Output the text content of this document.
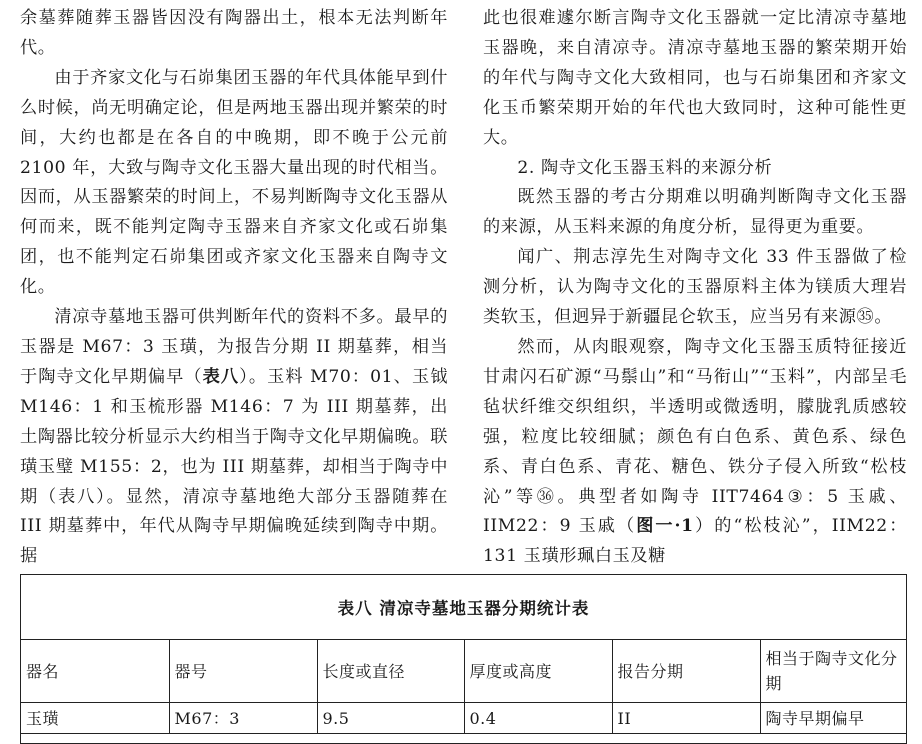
余墓葬随葬玉器皆因没有陶器出土，根本无法判断年代。

由于齐家文化与石峁集团玉器的年代具体能早到什么时候，尚无明确定论，但是两地玉器出现并繁荣的时间，大约也都是在各自的中晚期，即不晚于公元前 2100 年，大致与陶寺文化玉器大量出现的时代相当。因而，从玉器繁荣的时间上，不易判断陶寺文化玉器从何而来，既不能判定陶寺玉器来自齐家文化或石峁集团，也不能判定石峁集团或齐家文化玉器来自陶寺文化。

清凉寺墓地玉器可供判断年代的资料不多。最早的玉器是 M67：3 玉璜，为报告分期 II 期墓葬，相当于陶寺文化早期偏早（表八）。玉料 M70：01、玉钺 M146：1 和玉梳形器 M146：7 为 III 期墓葬，出土陶器比较分析显示大约相当于陶寺文化早期偏晚。联璜玉璧 M155：2，也为 III 期墓葬，却相当于陶寺中期（表八）。显然，清凉寺墓地绝大部分玉器随葬在 III 期墓葬中，年代从陶寺早期偏晚延续到陶寺中期。据

此也很难遽尔断言陶寺文化玉器就一定比清凉寺墓地玉器晚，来自清凉寺。清凉寺墓地玉器的繁荣期开始的年代与陶寺文化大致相同，也与石峁集团和齐家文化玉币繁荣期开始的年代也大致同时，这种可能性更大。

2. 陶寺文化玉器玉料的来源分析

既然玉器的考古分期难以明确判断陶寺文化玉器的来源，从玉料来源的角度分析，显得更为重要。

闻广、荆志淳先生对陶寺文化 33 件玉器做了检测分析，认为陶寺文化的玉器原料主体为镁质大理岩类软玉，但迥异于新疆昆仑软玉，应当另有来源㉟。

然而，从肉眼观察，陶寺文化玉器玉质特征接近甘肃闪石矿源“马鬃山”和“马衔山”“玉料”，内部呈毛毡状纤维交织组织，半透明或微透明，朦胧乳质感较强，粒度比较细腻；颜色有白色系、黄色系、绿色系、青白色系、青花、糖色、铁分子侵入所致“松枝沁”等㊱。典型者如陶寺 IIT7464③：5 玉戚、IIM22：9 玉戚（图一·1）的“松枝沁”，IIM22：131 玉璜形珮白玉及糖

表八 清凉寺墓地玉器分期统计表
器名	器号	长度或直径	厚度或高度	报告分期	相当于陶寺文化分期
玉璜	M67：3	9.5	0.4	II	陶寺早期偏早
